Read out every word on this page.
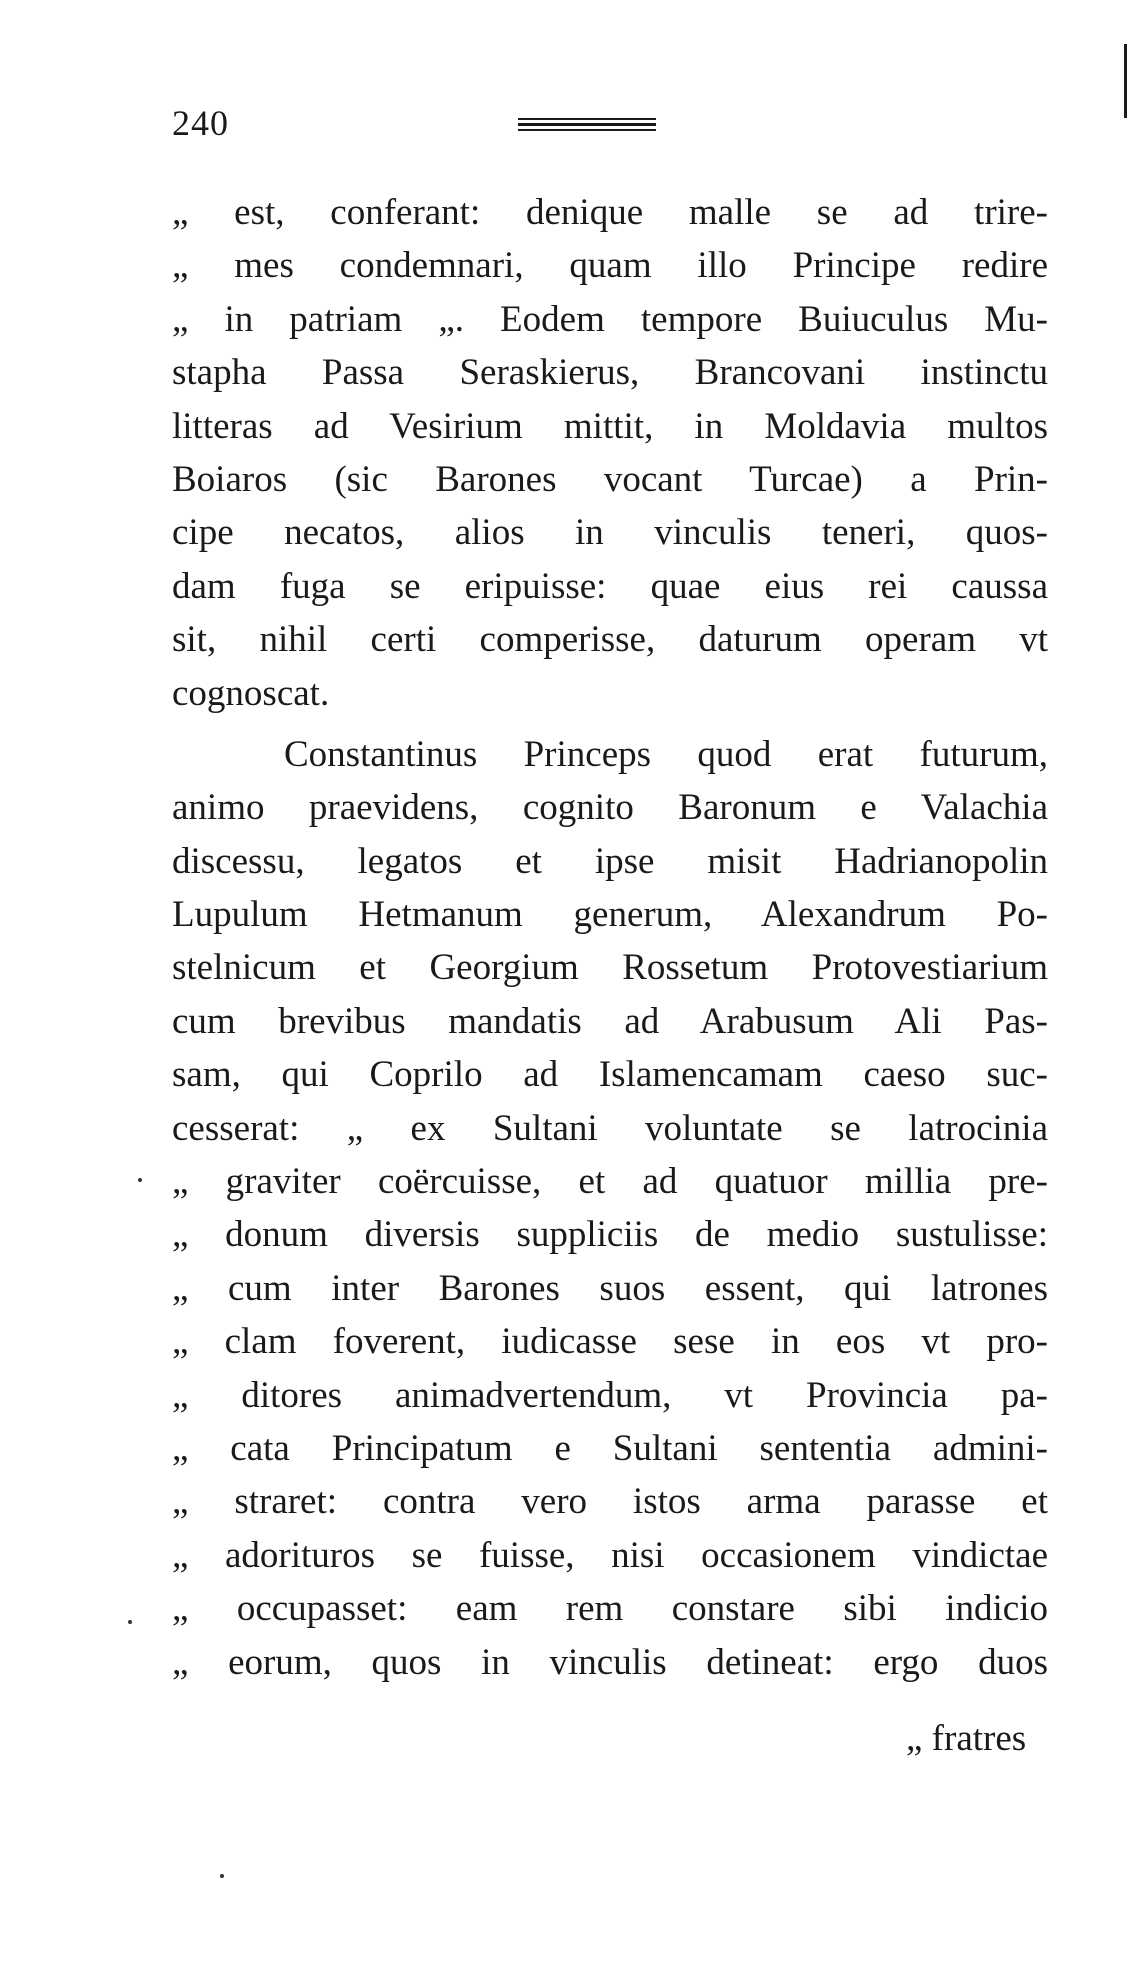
240
„ est, conferant: denique malle se ad trire-
„ mes condemnari, quam illo Principe redire
„ in patriam „. Eodem tempore Buiuculus Mu-
stapha Passa Seraskierus, Brancovani instinctu
litteras ad Vesirium mittit, in Moldavia multos
Boiaros (sic Barones vocant Turcae) a Prin-
cipe necatos, alios in vinculis teneri, quos-
dam fuga se eripuisse: quae eius rei caussa
sit, nihil certi comperisse, daturum operam vt
cognoscat.
Constantinus Princeps quod erat futurum,
animo praevidens, cognito Baronum e Valachia
discessu, legatos et ipse misit Hadrianopolin
Lupulum Hetmanum generum, Alexandrum Po-
stelnicum et Georgium Rossetum Protovestiarium
cum brevibus mandatis ad Arabusum Ali Pas-
sam, qui Coprilo ad Islamencamam caeso suc-
cesserat: „ ex Sultani voluntate se latrocinia
„ graviter coërcuisse, et ad quatuor millia pre-
„ donum diversis suppliciis de medio sustulisse:
„ cum inter Barones suos essent, qui latrones
„ clam foverent, iudicasse sese in eos vt pro-
„ ditores animadvertendum, vt Provincia pa-
„ cata Principatum e Sultani sententia admini-
„ straret: contra vero istos arma parasse et
„ adorituros se fuisse, nisi occasionem vindictae
„ occupasset: eam rem constare sibi indicio
„ eorum, quos in vinculis detineat: ergo duos
„ fratres
